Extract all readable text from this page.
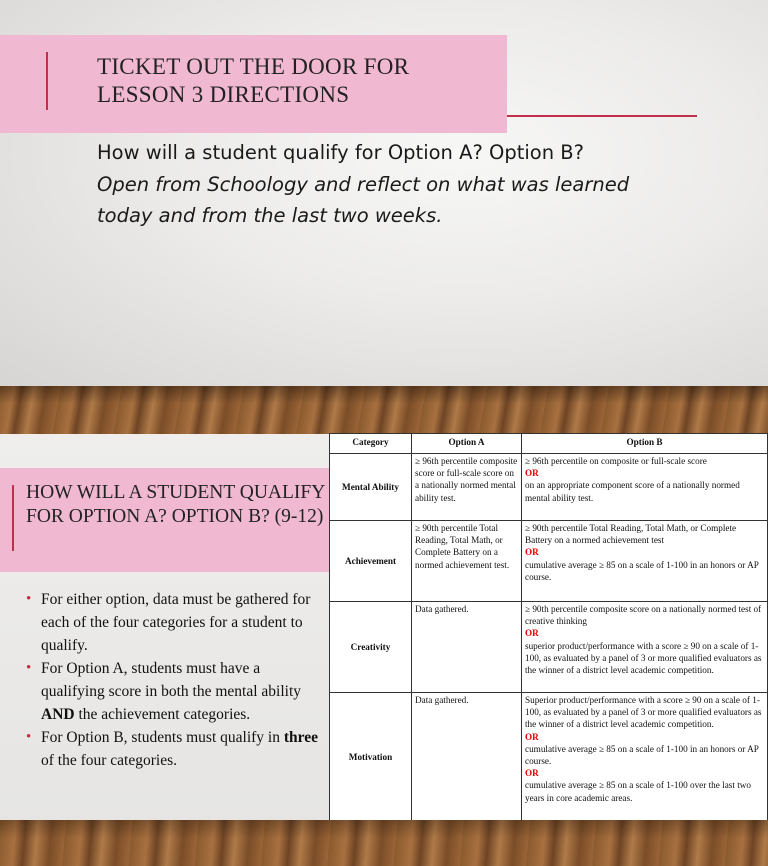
TICKET OUT THE DOOR FOR
LESSON 3 DIRECTIONS
How will a student qualify for Option A? Option B?
Open from Schoology and reflect on what was learned today and from the last two weeks.
HOW WILL A STUDENT QUALIFY FOR OPTION A? OPTION B? (9-12)
• For either option, data must be gathered for each of the four categories for a student to qualify.
• For Option A, students must have a qualifying score in both the mental ability AND the achievement categories.
• For Option B, students must qualify in three of the four categories.
Category	Option A	Option B
Mental Ability	≥ 96th percentile composite score or full-scale score on a nationally normed mental ability test.	≥ 96th percentile on composite or full-scale score
OR
on an appropriate component score of a nationally normed mental ability test.

Achievement	≥ 90th percentile Total Reading, Total Math, or Complete Battery on a normed achievement test.	≥ 90th percentile Total Reading, Total Math, or Complete Battery on a normed achievement test
OR
cumulative average ≥ 85 on a scale of 1-100 in an honors or AP course.

Creativity	Data gathered.	≥ 90th percentile composite score on a nationally normed test of creative thinking
OR
superior product/performance with a score ≥ 90 on a scale of 1-100, as evaluated by a panel of 3 or more qualified evaluators as the winner of a district level academic competition.

Motivation	Data gathered.	Superior product/performance with a score ≥ 90 on a scale of 1-100, as evaluated by a panel of 3 or more qualified evaluators as the winner of a district level academic competition.
OR
cumulative average ≥ 85 on a scale of 1-100 in an honors or AP course.
OR
cumulative average ≥ 85 on a scale of 1-100 over the last two years in core academic areas.
